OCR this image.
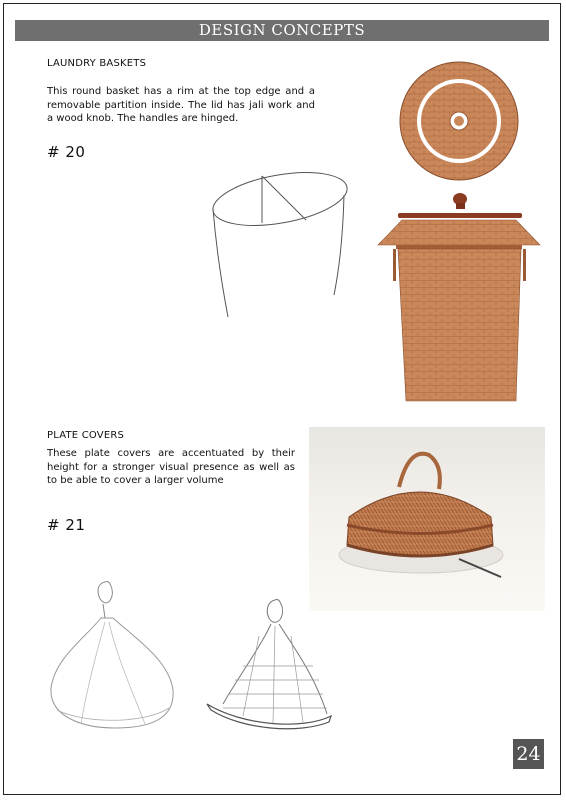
DESIGN CONCEPTS
LAUNDRY BASKETS
This round basket has a rim at the top edge and a removable partition inside. The lid has jali work and a wood knob. The handles are hinged.
# 20
PLATE COVERS
These plate covers are accentuated by their height for a stronger visual presence as well as to be able to cover a larger volume
# 21
24
